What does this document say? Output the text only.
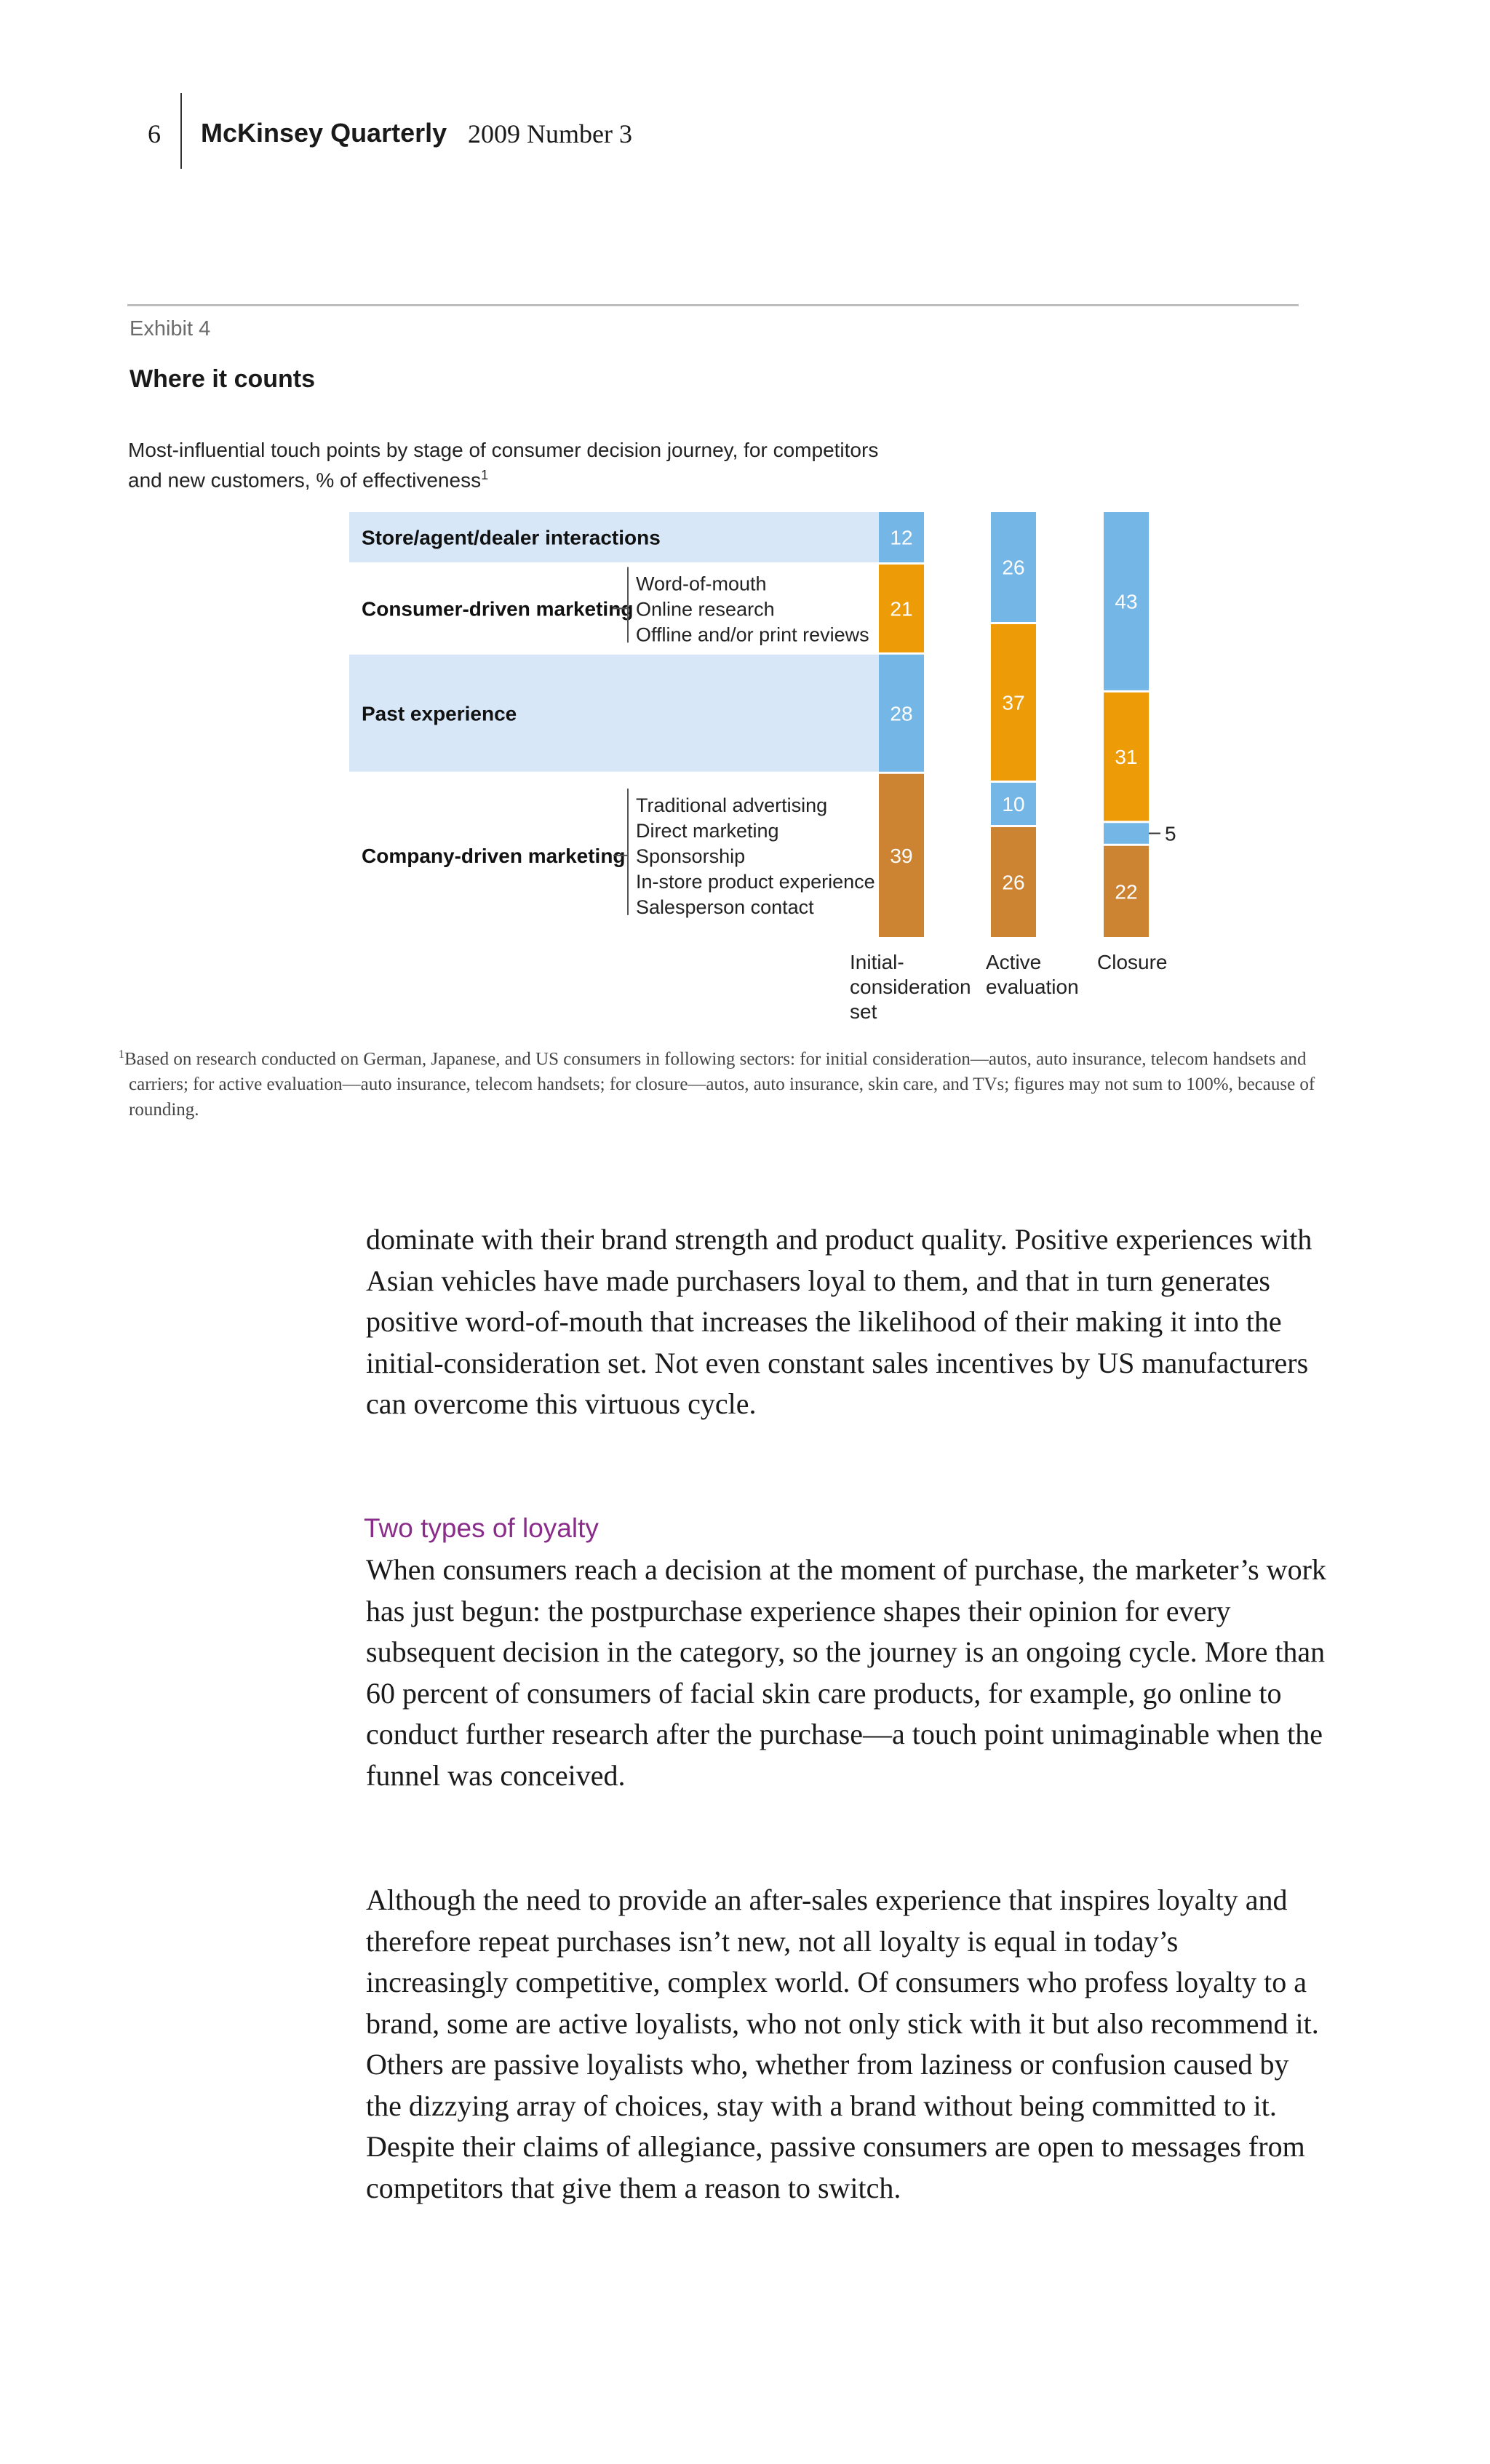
6 McKinsey Quarterly 2009 Number 3
Exhibit 4
Where it counts
Most-influential touch points by stage of consumer decision journey, for competitors
and new customers, % of effectiveness$^1$
12
21
28
39
26
37
10
26
43
31
5
22
Store/agent/dealer interactions
Consumer-driven marketing
Word-of-mouth
Online research
Offline and/or print reviews
Past experience
Company-driven marketing
Traditional advertising
Direct marketing
Sponsorship
In-store product experience
Salesperson contact
Initial-
consideration
set
Active
evaluation
Closure
$^1$Based on research conducted on German, Japanese, and US consumers in following sectors: for initial consideration—autos, auto insurance, telecom handsets and carriers; for active evaluation—auto insurance, telecom handsets; for closure—autos, auto insurance, skin care, and TVs; figures may not sum to 100%, because of rounding.
dominate with their brand strength and product quality. Positive experiences with Asian vehicles have made purchasers loyal to them, and that in turn generates positive word-of-mouth that increases the likelihood of their making it into the initial-consideration set. Not even constant sales incentives by US manufacturers can overcome this virtuous cycle.
Two types of loyalty
When consumers reach a decision at the moment of purchase, the marketer’s work has just begun: the postpurchase experience shapes their opinion for every subsequent decision in the category, so the journey is an ongoing cycle. More than 60 percent of consumers of facial skin care products, for example, go online to conduct further research after the purchase—a touch point unimaginable when the funnel was conceived.
Although the need to provide an after-sales experience that inspires loyalty and therefore repeat purchases isn’t new, not all loyalty is equal in today’s increasingly competitive, complex world. Of consumers who profess loyalty to a brand, some are active loyalists, who not only stick with it but also recommend it. Others are passive loyalists who, whether from laziness or confusion caused by the dizzying array of choices, stay with a brand without being committed to it. Despite their claims of allegiance, passive consumers are open to messages from competitors that give them a reason to switch.
